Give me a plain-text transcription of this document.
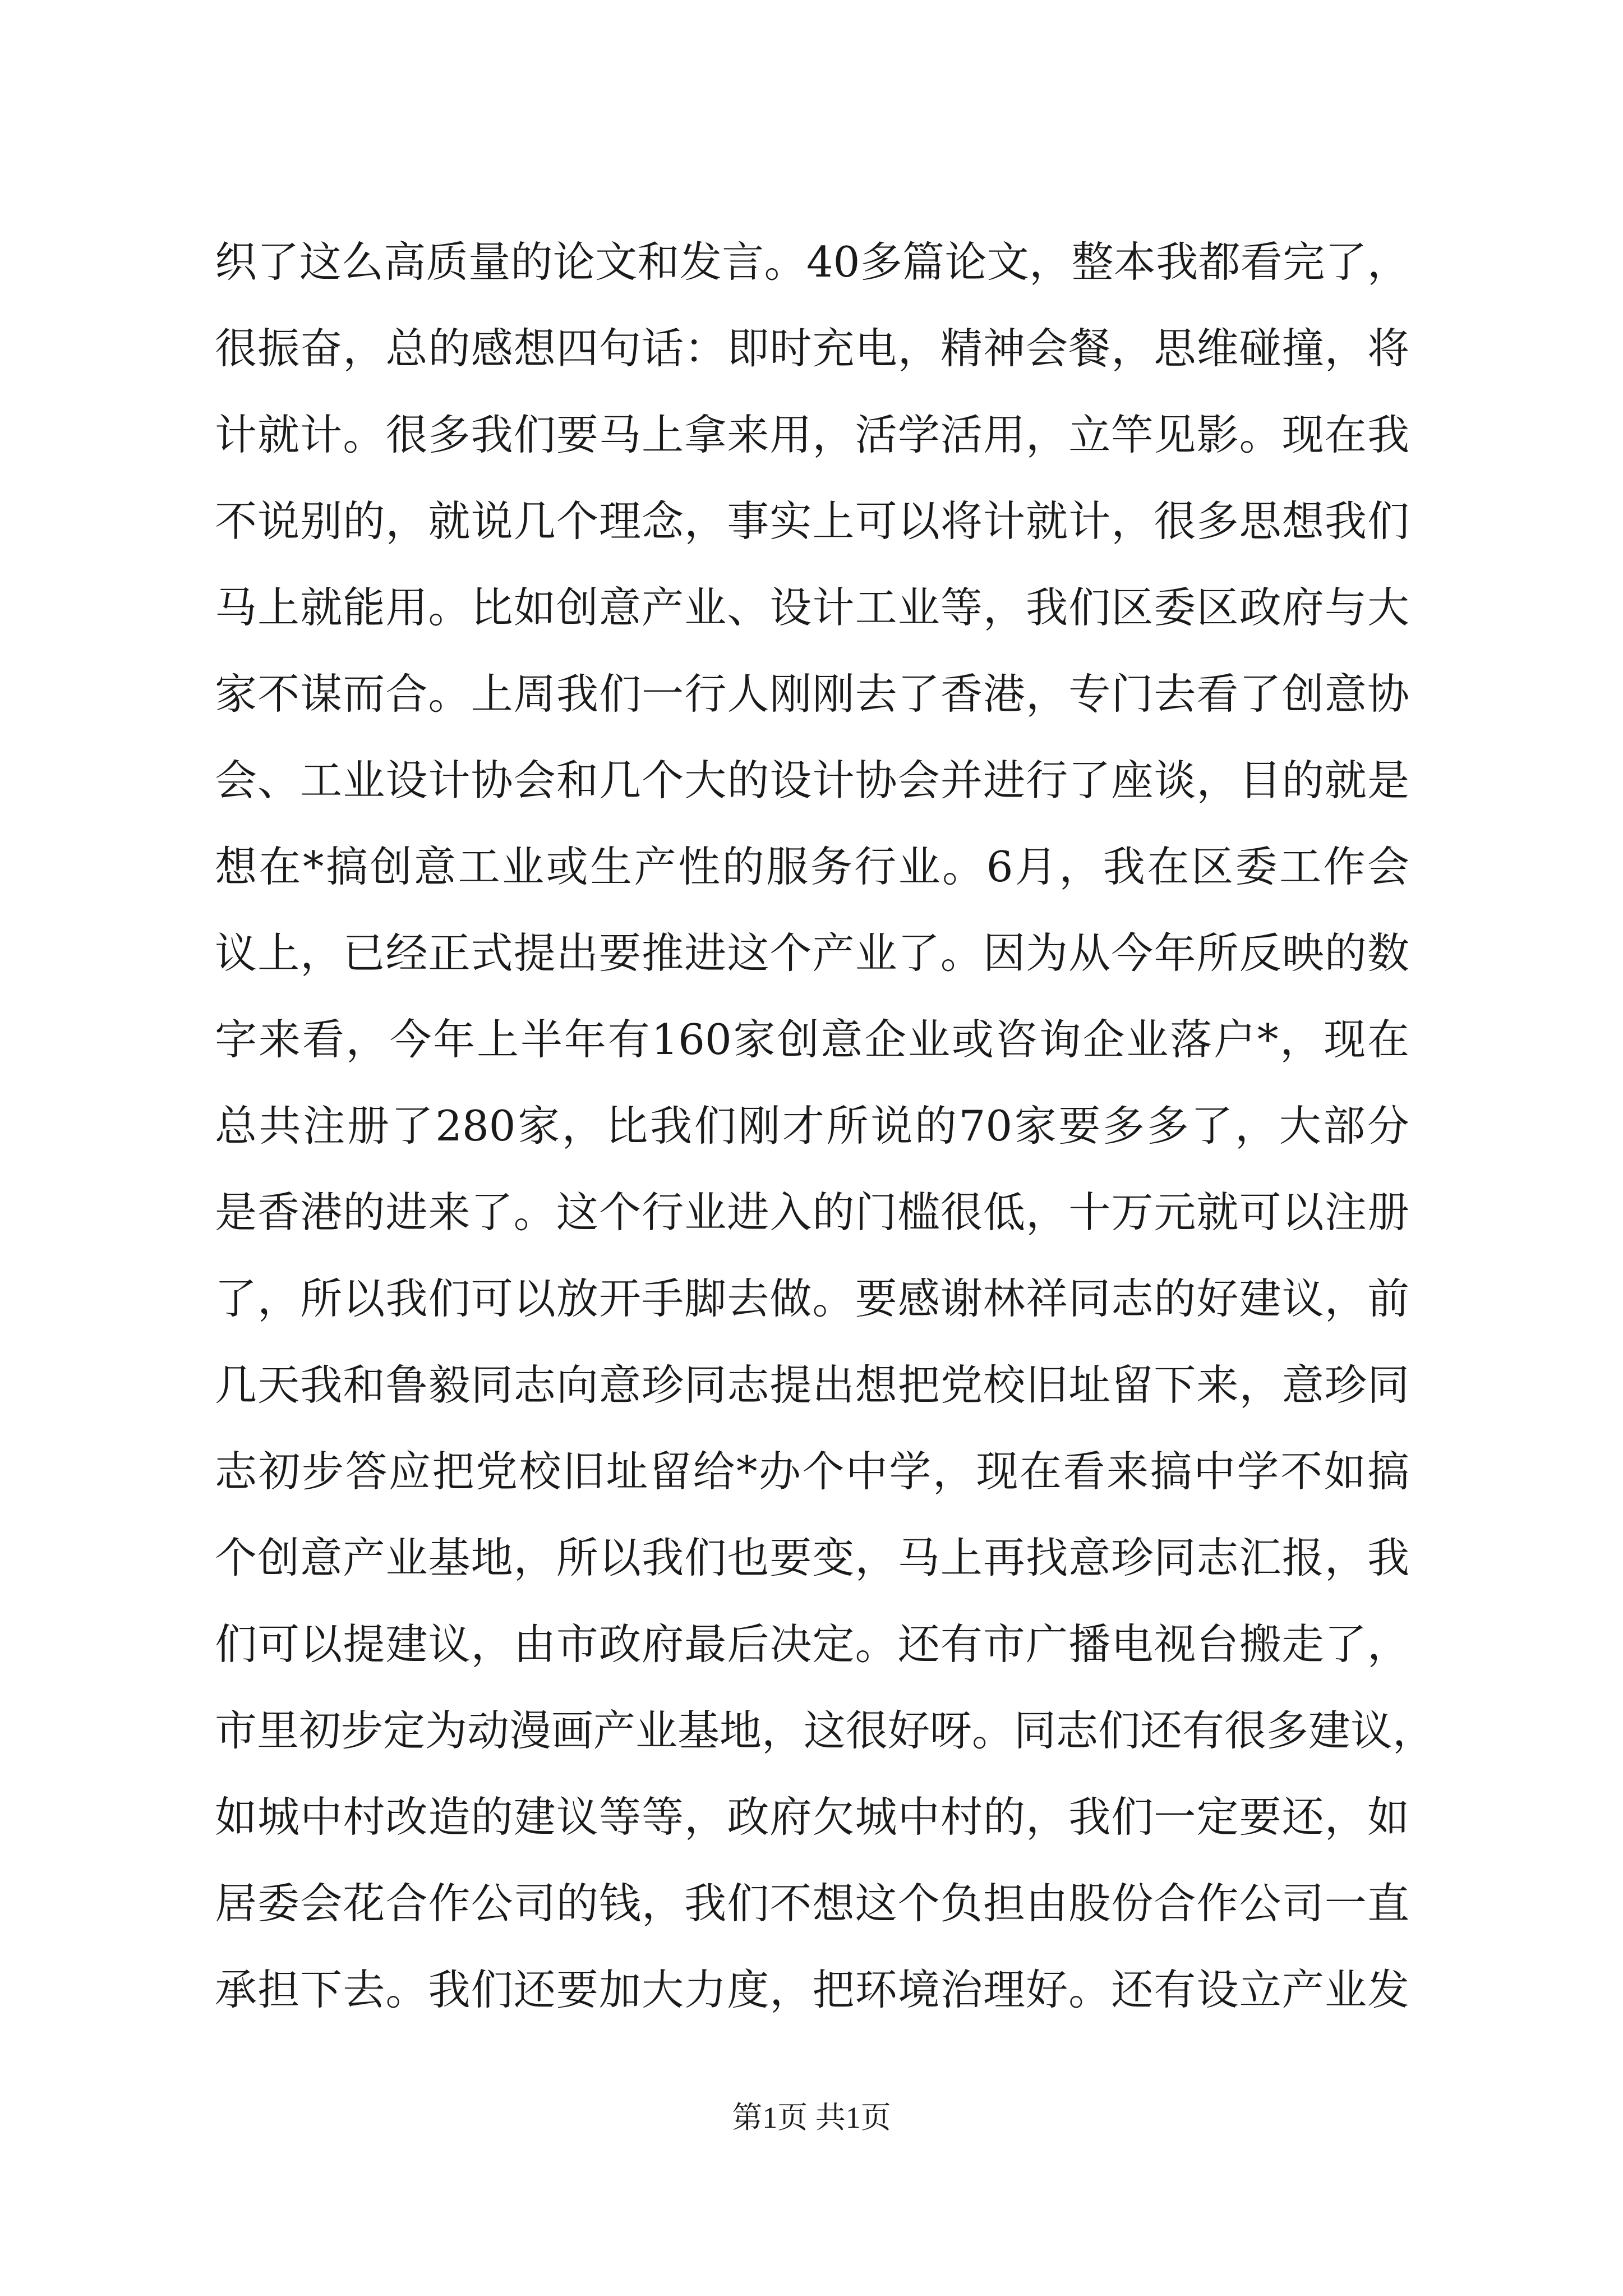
织了这么高质量的论文和发言。40多篇论文，整本我都看完了，
很振奋，总的感想四句话：即时充电，精神会餐，思维碰撞，将
计就计。很多我们要马上拿来用，活学活用，立竿见影。现在我
不说别的，就说几个理念，事实上可以将计就计，很多思想我们
马上就能用。比如创意产业、设计工业等，我们区委区政府与大
家不谋而合。上周我们一行人刚刚去了香港，专门去看了创意协
会、工业设计协会和几个大的设计协会并进行了座谈，目的就是
想在*搞创意工业或生产性的服务行业。6月，我在区委工作会
议上，已经正式提出要推进这个产业了。因为从今年所反映的数
字来看，今年上半年有160家创意企业或咨询企业落户*，现在
总共注册了280家，比我们刚才所说的70家要多多了，大部分
是香港的进来了。这个行业进入的门槛很低，十万元就可以注册
了，所以我们可以放开手脚去做。要感谢林祥同志的好建议，前
几天我和鲁毅同志向意珍同志提出想把党校旧址留下来，意珍同
志初步答应把党校旧址留给*办个中学，现在看来搞中学不如搞
个创意产业基地，所以我们也要变，马上再找意珍同志汇报，我
们可以提建议，由市政府最后决定。还有市广播电视台搬走了，
市里初步定为动漫画产业基地，这很好呀。同志们还有很多建议，
如城中村改造的建议等等，政府欠城中村的，我们一定要还，如
居委会花合作公司的钱，我们不想这个负担由股份合作公司一直
承担下去。我们还要加大力度，把环境治理好。还有设立产业发
第1页 共1页
